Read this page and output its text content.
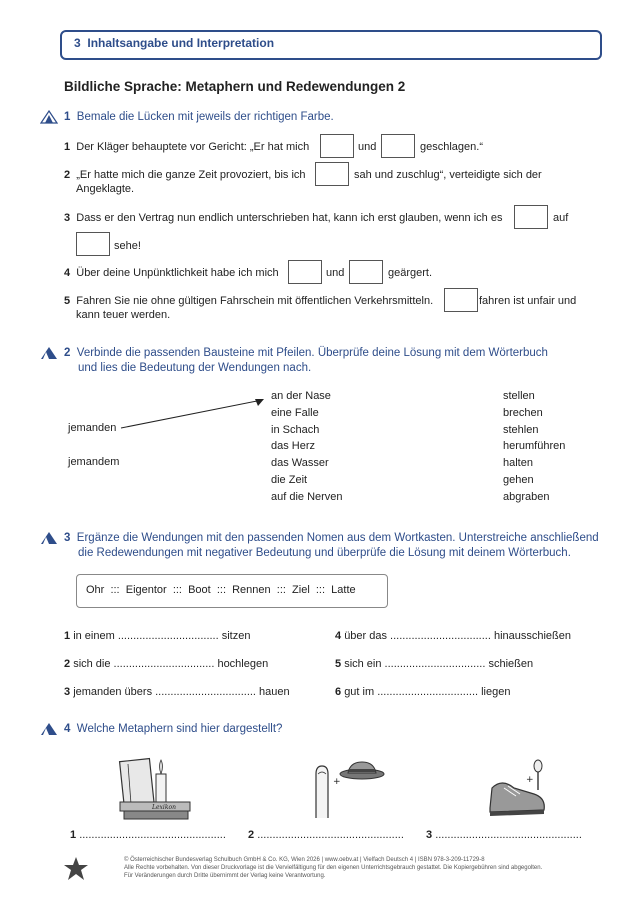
3 Inhaltsangabe und Interpretation
Bildliche Sprache: Metaphern und Redewendungen 2
1 Bemale die Lücken mit jeweils der richtigen Farbe.
1 Der Kläger behauptete vor Gericht: „Er hat mich	und	geschlagen.“
2 „Er hatte mich die ganze Zeit provoziert, bis ich	sah und zuschlug“, verteidigte sich der
Angeklagte.
3 Dass er den Vertrag nun endlich unterschrieben hat, kann ich erst glauben, wenn ich es	auf
sehe!
4 Über deine Unpünktlichkeit habe ich mich	und	geärgert.
5 Fahren Sie nie ohne gültigen Fahrschein mit öffentlichen Verkehrsmitteln.	fahren ist unfair und
kann teuer werden.
2 Verbinde die passenden Bausteine mit Pfeilen. Überprüfe deine Lösung mit dem Wörterbuch
und lies die Bedeutung der Wendungen nach.
jemanden
jemandem
an der Nase
eine Falle
in Schach
das Herz
das Wasser
die Zeit
auf die Nerven
stellen
brechen
stehlen
herumführen
halten
gehen
abgraben
3 Ergänze die Wendungen mit den passenden Nomen aus dem Wortkasten. Unterstreiche anschließend
die Redewendungen mit negativer Bedeutung und überprüfe die Lösung mit deinem Wörterbuch.
Ohr  :::  Eigentor  :::  Boot  :::  Rennen  :::  Ziel  :::  Latte
1 in einem ................................. sitzen
2 sich die ................................. hochlegen
3 jemanden übers ................................. hauen
4 über das ................................. hinausschießen
5 sich ein ................................. schießen
6 gut im ................................. liegen
4 Welche Metaphern sind hier dargestellt?
Lexikon
+	+
1 ................................................ 2 ................................................ 3 ................................................
© Österreichischer Bundesverlag Schulbuch GmbH & Co. KG, Wien 2026 | www.oebv.at | Vielfach Deutsch 4 | ISBN 978-3-209-11729-8
Alle Rechte vorbehalten. Von dieser Druckvorlage ist die Vervielfältigung für den eigenen Unterrichtsgebrauch gestattet. Die Kopiergebühren sind abgegolten.
Für Veränderungen durch Dritte übernimmt der Verlag keine Verantwortung.
